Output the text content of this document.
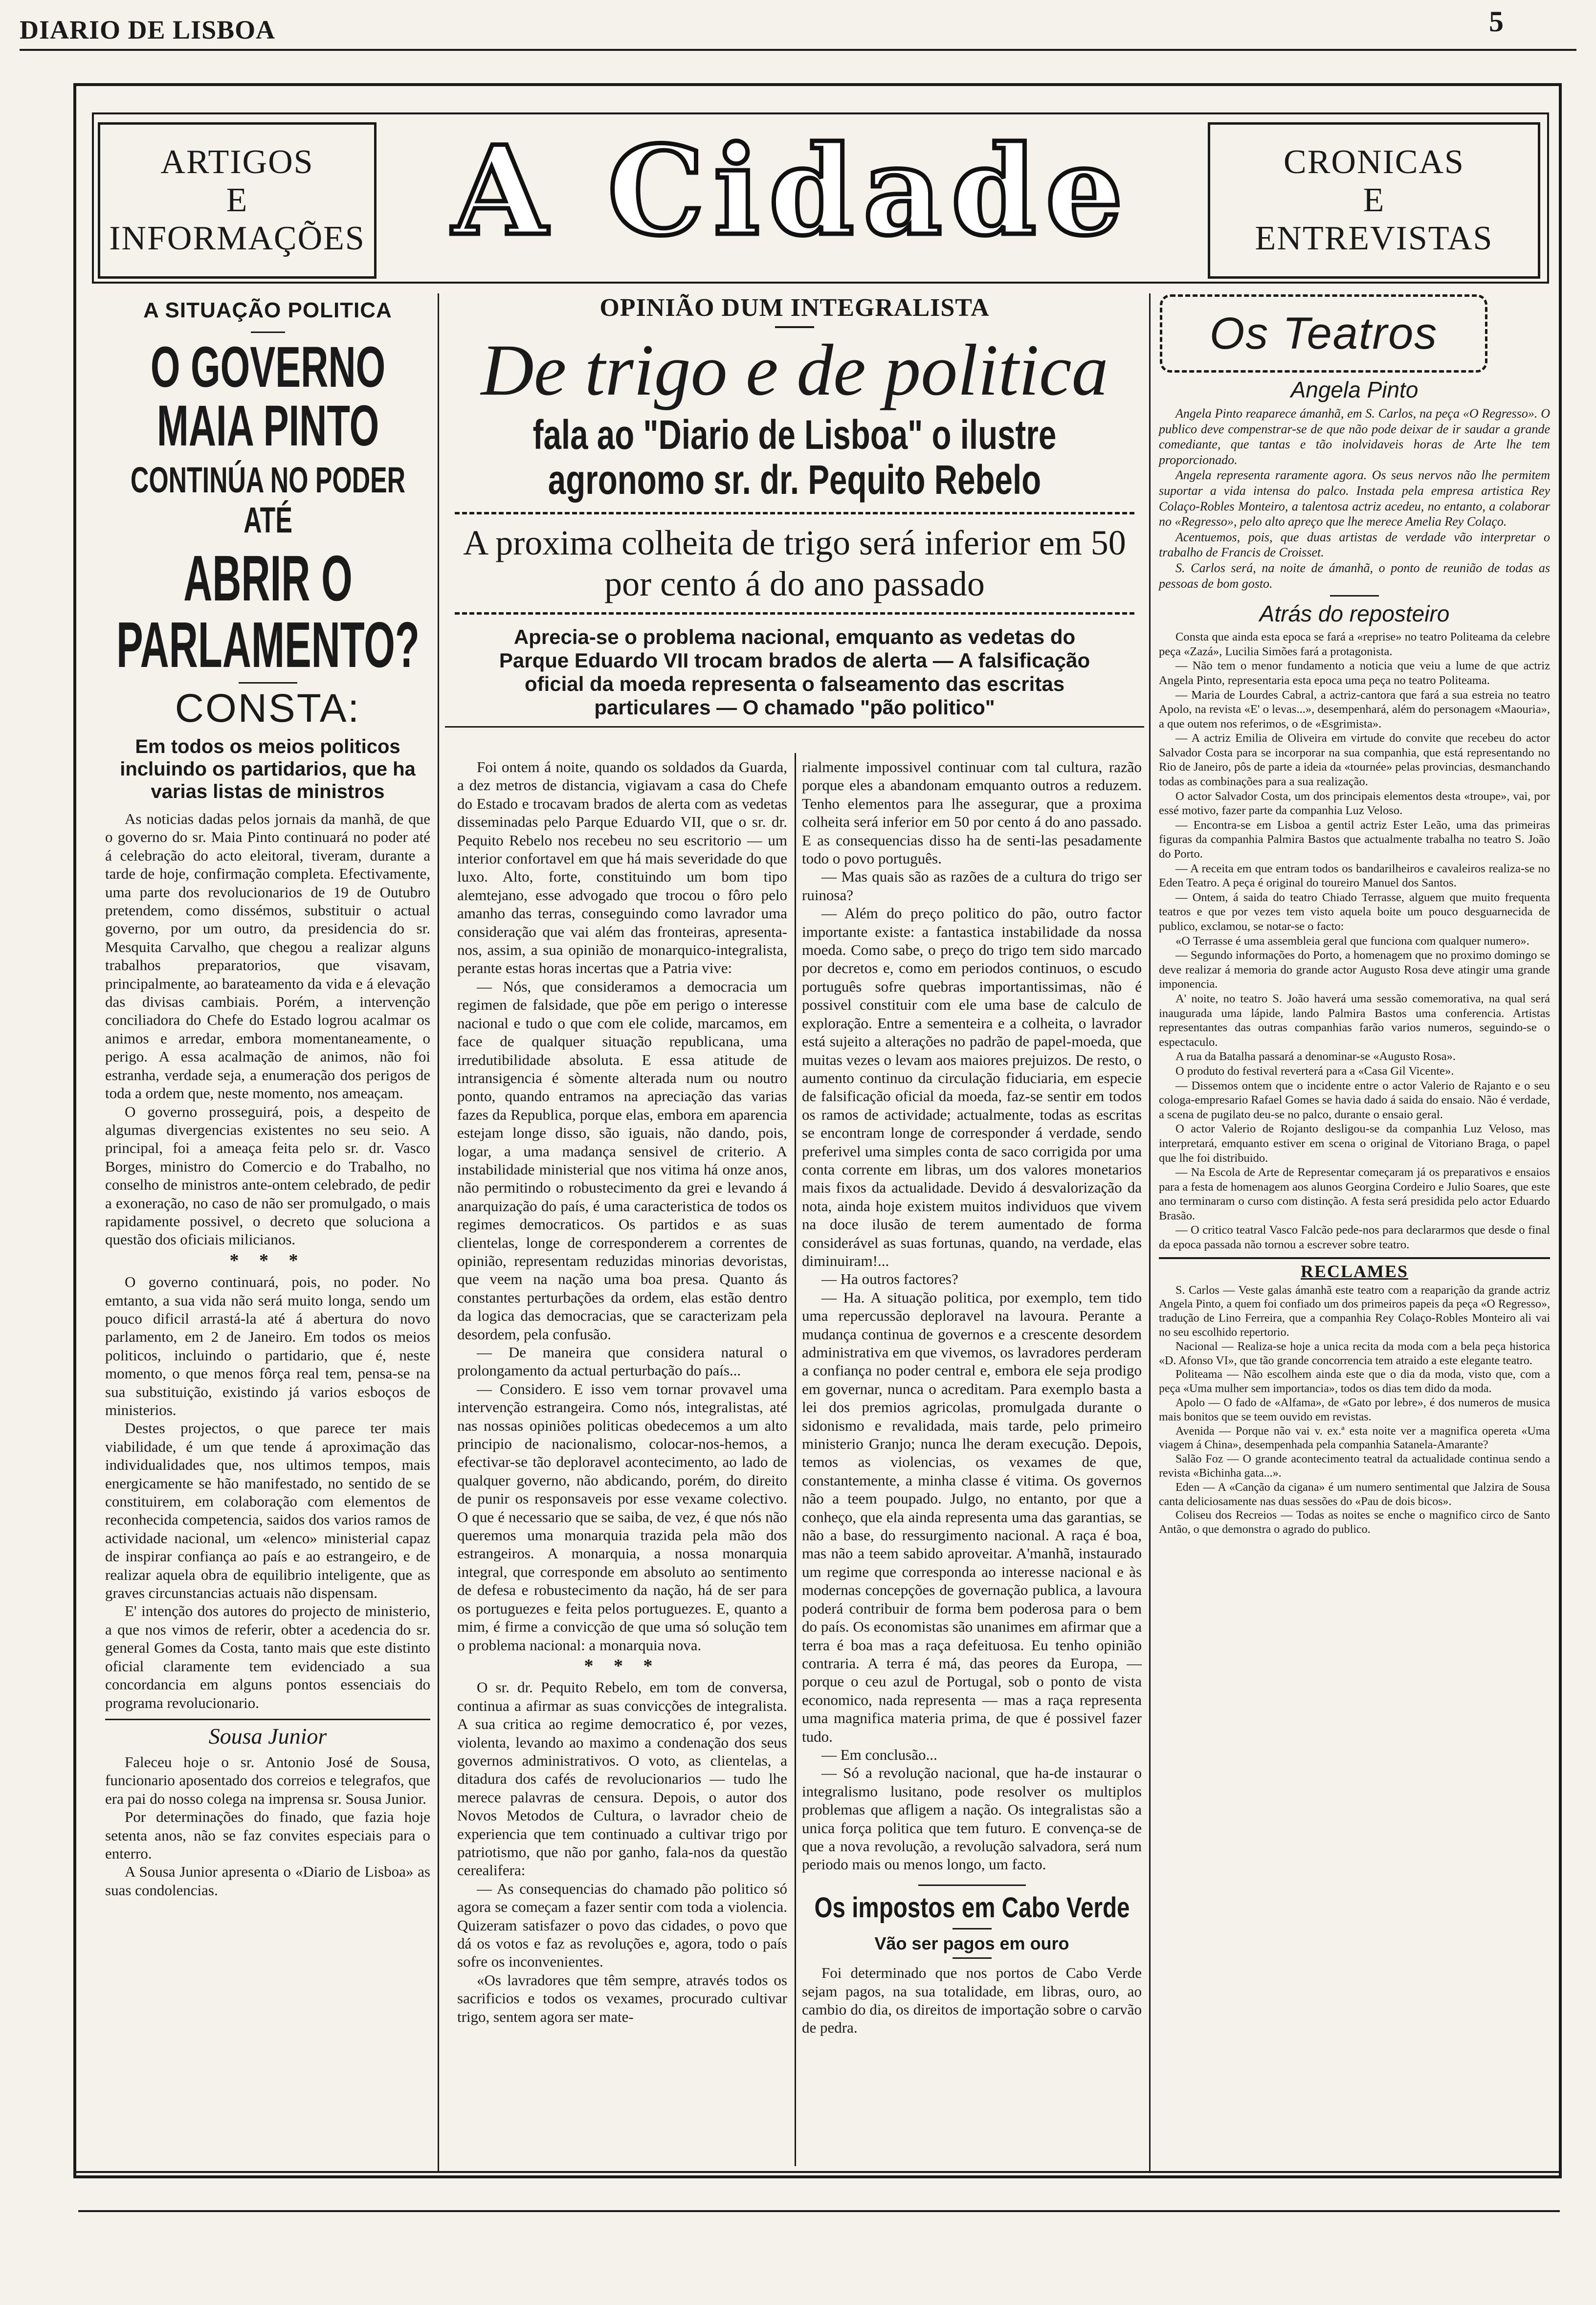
DIARIO DE LISBOA	5
ARTIGOS
E
INFORMAÇÕES A Cidade	CRONICAS
E
ENTREVISTAS
A SITUAÇÃO POLITICA
O GOVERNO MAIA PINTO
CONTINÚA NO PODER ATÉ
ABRIR O PARLAMENTO?
CONSTA:
Em todos os meios politicos incluindo os partidarios, que ha varias listas de ministros

As noticias dadas pelos jornais da manhã, de que o governo do sr. Maia Pinto continuará no poder até á celebração do acto eleitoral, tiveram, durante a tarde de hoje, confirmação completa. Efectivamente, uma parte dos revolucionarios de 19 de Outubro pretendem, como dissémos, substituir o actual governo, por um outro, da presidencia do sr. Mesquita Carvalho, que chegou a realizar alguns trabalhos preparatorios, que visavam, principalmente, ao barateamento da vida e á elevação das divisas cambiais. Porém, a intervenção conciliadora do Chefe do Estado logrou acalmar os animos e arredar, embora momentaneamente, o perigo. A essa acalmação de animos, não foi estranha, verdade seja, a enumeração dos perigos de toda a ordem que, neste momento, nos ameaçam.

O governo prosseguirá, pois, a despeito de algumas divergencias existentes no seu seio. A principal, foi a ameaça feita pelo sr. dr. Vasco Borges, ministro do Comercio e do Trabalho, no conselho de ministros ante-ontem celebrado, de pedir a exoneração, no caso de não ser promulgado, o mais rapidamente possivel, o decreto que soluciona a questão dos oficiais milicianos.

* * *

O governo continuará, pois, no poder. No emtanto, a sua vida não será muito longa, sendo um pouco dificil arrastá-la até á abertura do novo parlamento, em 2 de Janeiro. Em todos os meios politicos, incluindo o partidario, que é, neste momento, o que menos fôrça real tem, pensa-se na sua substituição, existindo já varios esboços de ministerios.

Destes projectos, o que parece ter mais viabilidade, é um que tende á aproximação das individualidades que, nos ultimos tempos, mais energicamente se hão manifestado, no sentido de se constituirem, em colaboração com elementos de reconhecida competencia, saidos dos varios ramos de actividade nacional, um «elenco» ministerial capaz de inspirar confiança ao país e ao estrangeiro, e de realizar aquela obra de equilibrio inteligente, que as graves circunstancias actuais não dispensam.

E' intenção dos autores do projecto de ministerio, a que nos vimos de referir, obter a acedencia do sr. general Gomes da Costa, tanto mais que este distinto oficial claramente tem evidenciado a sua concordancia em alguns pontos essenciais do programa revolucionario.

Sousa Junior

Faleceu hoje o sr. Antonio José de Sousa, funcionario aposentado dos correios e telegrafos, que era pai do nosso colega na imprensa sr. Sousa Junior.

Por determinações do finado, que fazia hoje setenta anos, não se faz convites especiais para o enterro.

A Sousa Junior apresenta o «Diario de Lisboa» as suas condolencias.

OPINIÃO DUM INTEGRALISTA
De trigo e de politica
fala ao "Diario de Lisboa" o ilustre agronomo sr. dr. Pequito Rebelo
A proxima colheita de trigo será inferior em 50 por cento á do ano passado
Aprecia-se o problema nacional, emquanto as vedetas do Parque Eduardo VII trocam brados de alerta — A falsificação oficial da moeda representa o falseamento das escritas particulares — O chamado "pão politico"

Foi ontem á noite, quando os soldados da Guarda, a dez metros de distancia, vigiavam a casa do Chefe do Estado e trocavam brados de alerta com as vedetas disseminadas pelo Parque Eduardo VII, que o sr. dr. Pequito Rebelo nos recebeu no seu escritorio — um interior confortavel em que há mais severidade do que luxo. Alto, forte, constituindo um bom tipo alemtejano, esse advogado que trocou o fôro pelo amanho das terras, conseguindo como lavrador uma consideração que vai além das fronteiras, apresenta-nos, assim, a sua opinião de monarquico-integralista, perante estas horas incertas que a Patria vive:

— Nós, que consideramos a democracia um regimen de falsidade, que põe em perigo o interesse nacional e tudo o que com ele colide, marcamos, em face de qualquer situação republicana, uma irredutibilidade absoluta. E essa atitude de intransigencia é sòmente alterada num ou noutro ponto, quando entramos na apreciação das varias fazes da Republica, porque elas, embora em aparencia estejam longe disso, são iguais, não dando, pois, logar, a uma madança sensivel de criterio. A instabilidade ministerial que nos vitima há onze anos, não permitindo o robustecimento da grei e levando á anarquização do país, é uma caracteristica de todos os regimes democraticos. Os partidos e as suas clientelas, longe de corresponderem a correntes de opinião, representam reduzidas minorias devoristas, que veem na nação uma boa presa. Quanto ás constantes perturbações da ordem, elas estão dentro da logica das democracias, que se caracterizam pela desordem, pela confusão.

— De maneira que considera natural o prolongamento da actual perturbação do país...

— Considero. E isso vem tornar provavel uma intervenção estrangeira. Como nós, integralistas, até nas nossas opiniões politicas obedecemos a um alto principio de nacionalismo, colocar-nos-hemos, a efectivar-se tão deploravel acontecimento, ao lado de qualquer governo, não abdicando, porém, do direito de punir os responsaveis por esse vexame colectivo. O que é necessario que se saiba, de vez, é que nós não queremos uma monarquia trazida pela mão dos estrangeiros. A monarquia, a nossa monarquia integral, que corresponde em absoluto ao sentimento de defesa e robustecimento da nação, há de ser para os portuguezes e feita pelos portuguezes. E, quanto a mim, é firme a convicção de que uma só solução tem o problema nacional: a monarquia nova.

* * *

O sr. dr. Pequito Rebelo, em tom de conversa, continua a afirmar as suas convicções de integralista. A sua critica ao regime democratico é, por vezes, violenta, levando ao maximo a condenação dos seus governos administrativos. O voto, as clientelas, a ditadura dos cafés de revolucionarios — tudo lhe merece palavras de censura. Depois, o autor dos Novos Metodos de Cultura, o lavrador cheio de experiencia que tem continuado a cultivar trigo por patriotismo, que não por ganho, fala-nos da questão cerealifera:

— As consequencias do chamado pão politico só agora se começam a fazer sentir com toda a violencia. Quizeram satisfazer o povo das cidades, o povo que dá os votos e faz as revoluções e, agora, todo o país sofre os inconvenientes.

«Os lavradores que têm sempre, através todos os sacrificios e todos os vexames, procurado cultivar trigo, sentem agora ser mate-

rialmente impossivel continuar com tal cultura, razão porque eles a abandonam emquanto outros a reduzem. Tenho elementos para lhe assegurar, que a proxima colheita será inferior em 50 por cento á do ano passado. E as consequencias disso ha de senti-las pesadamente todo o povo português.

— Mas quais são as razões de a cultura do trigo ser ruinosa?

— Além do preço politico do pão, outro factor importante existe: a fantastica instabilidade da nossa moeda. Como sabe, o preço do trigo tem sido marcado por decretos e, como em periodos continuos, o escudo português sofre quebras importantissimas, não é possivel constituir com ele uma base de calculo de exploração. Entre a sementeira e a colheita, o lavrador está sujeito a alterações no padrão de papel-moeda, que muitas vezes o levam aos maiores prejuizos. De resto, o aumento continuo da circulação fiduciaria, em especie de falsificação oficial da moeda, faz-se sentir em todos os ramos de actividade; actualmente, todas as escritas se encontram longe de corresponder á verdade, sendo preferivel uma simples conta de saco corrigida por uma conta corrente em libras, um dos valores monetarios mais fixos da actualidade. Devido á desvalorização da nota, ainda hoje existem muitos individuos que vivem na doce ilusão de terem aumentado de forma considerável as suas fortunas, quando, na verdade, elas diminuiram!...

— Ha outros factores?

— Ha. A situação politica, por exemplo, tem tido uma repercussão deploravel na lavoura. Perante a mudança continua de governos e a crescente desordem administrativa em que vivemos, os lavradores perderam a confiança no poder central e, embora ele seja prodigo em governar, nunca o acreditam. Para exemplo basta a lei dos premios agricolas, promulgada durante o sidonismo e revalidada, mais tarde, pelo primeiro ministerio Granjo; nunca lhe deram execução. Depois, temos as violencias, os vexames de que, constantemente, a minha classe é vitima. Os governos não a teem poupado. Julgo, no entanto, por que a conheço, que ela ainda representa uma das garantias, se não a base, do ressurgimento nacional. A raça é boa, mas não a teem sabido aproveitar. A'manhã, instaurado um regime que corresponda ao interesse nacional e às modernas concepções de governação publica, a lavoura poderá contribuir de forma bem poderosa para o bem do país. Os economistas são unanimes em afirmar que a terra é boa mas a raça defeituosa. Eu tenho opinião contraria. A terra é má, das peores da Europa, — porque o ceu azul de Portugal, sob o ponto de vista economico, nada representa — mas a raça representa uma magnifica materia prima, de que é possivel fazer tudo.

— Em conclusão...

— Só a revolução nacional, que ha-de instaurar o integralismo lusitano, pode resolver os multiplos problemas que afligem a nação. Os integralistas são a unica força politica que tem futuro. E convença-se de que a nova revolução, a revolução salvadora, será num periodo mais ou menos longo, um facto.

Os impostos em Cabo Verde
Vão ser pagos em ouro

Foi determinado que nos portos de Cabo Verde sejam pagos, na sua totalidade, em libras, ouro, ao cambio do dia, os direitos de importação sobre o carvão de pedra.

Os Teatros
Angela Pinto

Angela Pinto reaparece ámanhã, em S. Carlos, na peça «O Regresso». O publico deve compenstrar-se de que não pode deixar de ir saudar a grande comediante, que tantas e tão inolvidaveis horas de Arte lhe tem proporcionado.

Angela representa raramente agora. Os seus nervos não lhe permitem suportar a vida intensa do palco. Instada pela empresa artistica Rey Colaço-Robles Monteiro, a talentosa actriz acedeu, no entanto, a colaborar no «Regresso», pelo alto apreço que lhe merece Amelia Rey Colaço.

Acentuemos, pois, que duas artistas de verdade vão interpretar o trabalho de Francis de Croisset.

S. Carlos será, na noite de ámanhã, o ponto de reunião de todas as pessoas de bom gosto.

Atrás do reposteiro

Consta que ainda esta epoca se fará a «reprise» no teatro Politeama da celebre peça «Zazá», Lucilia Simões fará a protagonista.

— Não tem o menor fundamento a noticia que veiu a lume de que actriz Angela Pinto, representaria esta epoca uma peça no teatro Politeama.

— Maria de Lourdes Cabral, a actriz-cantora que fará a sua estreia no teatro Apolo, na revista «E' o levas...», desempenhará, além do personagem «Maouria», a que outem nos referimos, o de «Esgrimista».

— A actriz Emilia de Oliveira em virtude do convite que recebeu do actor Salvador Costa para se incorporar na sua companhia, que está representando no Rio de Janeiro, pôs de parte a ideia da «tournée» pelas provincias, desmanchando todas as combinações para a sua realização.

O actor Salvador Costa, um dos principais elementos desta «troupe», vai, por essé motivo, fazer parte da companhia Luz Veloso.

— Encontra-se em Lisboa a gentil actriz Ester Leão, uma das primeiras figuras da companhia Palmira Bastos que actualmente trabalha no teatro S. João do Porto.

— A receita em que entram todos os bandarilheiros e cavaleiros realiza-se no Eden Teatro. A peça é original do toureiro Manuel dos Santos.

— Ontem, á saida do teatro Chiado Terrasse, alguem que muito frequenta teatros e que por vezes tem visto aquela boite um pouco desguarnecida de publico, exclamou, se notar-se o facto:

«O Terrasse é uma assembleia geral que funciona com qualquer numero».

— Segundo informações do Porto, a homenagem que no proximo domingo se deve realizar á memoria do grande actor Augusto Rosa deve atingir uma grande imponencia.

A' noite, no teatro S. João haverá uma sessão comemorativa, na qual será inaugurada uma lápide, lando Palmira Bastos uma conferencia. Artistas representantes das outras companhias farão varios numeros, seguindo-se o espectaculo.

A rua da Batalha passará a denominar-se «Augusto Rosa».

O produto do festival reverterá para a «Casa Gil Vicente».

— Dissemos ontem que o incidente entre o actor Valerio de Rajanto e o seu cologa-empresario Rafael Gomes se havia dado á saida do ensaio. Não é verdade, a scena de pugilato deu-se no palco, durante o ensaio geral.

O actor Valerio de Rojanto desligou-se da companhia Luz Veloso, mas interpretará, emquanto estiver em scena o original de Vitoriano Braga, o papel que lhe foi distribuido.

— Na Escola de Arte de Representar começaram já os preparativos e ensaios para a festa de homenagem aos alunos Georgina Cordeiro e Julio Soares, que este ano terminaram o curso com distinção. A festa será presidida pelo actor Eduardo Brasão.

— O critico teatral Vasco Falcão pede-nos para declararmos que desde o final da epoca passada não tornou a escrever sobre teatro.

RECLAMES

S. Carlos — Veste galas ámanhã este teatro com a reaparição da grande actriz Angela Pinto, a quem foi confiado um dos primeiros papeis da peça «O Regresso», tradução de Lino Ferreira, que a companhia Rey Colaço-Robles Monteiro ali vai no seu escolhido repertorio.

Nacional — Realiza-se hoje a unica recita da moda com a bela peça historica «D. Afonso VI», que tão grande concorrencia tem atraido a este elegante teatro.

Politeama — Não escolhem ainda este que o dia da moda, visto que, com a peça «Uma mulher sem importancia», todos os dias tem dido da moda.

Apolo — O fado de «Alfama», de «Gato por lebre», é dos numeros de musica mais bonitos que se teem ouvido em revistas.

Avenida — Porque não vai v. ex.ª esta noite ver a magnifica opereta «Uma viagem á China», desempenhada pela companhia Satanela-Amarante?

Salão Foz — O grande acontecimento teatral da actualidade continua sendo a revista «Bichinha gata...».

Eden — A «Canção da cigana» é um numero sentimental que Jalzira de Sousa canta deliciosamente nas duas sessões do «Pau de dois bicos».

Coliseu dos Recreios — Todas as noites se enche o magnifico circo de Santo Antão, o que demonstra o agrado do publico.
